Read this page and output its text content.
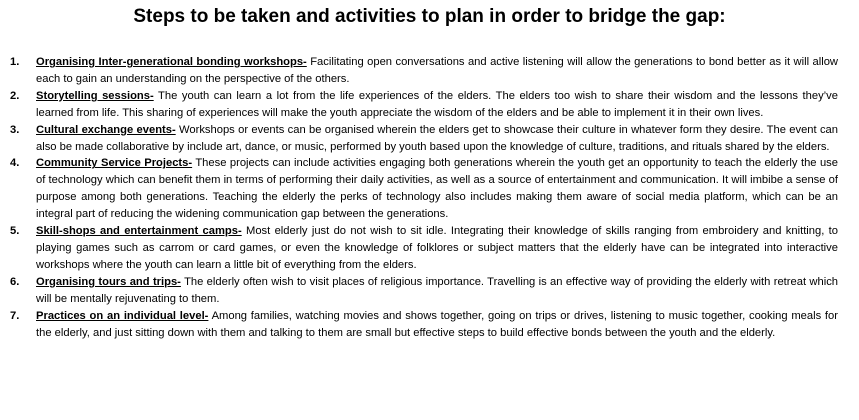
Steps to be taken and activities to plan in order to bridge the gap:
1. Organising Inter-generational bonding workshops- Facilitating open conversations and active listening will allow the generations to bond better as it will allow each to gain an understanding on the perspective of the others.
2. Storytelling sessions- The youth can learn a lot from the life experiences of the elders. The elders too wish to share their wisdom and the lessons they’ve learned from life. This sharing of experiences will make the youth appreciate the wisdom of the elders and be able to implement it in their own lives.
3. Cultural exchange events- Workshops or events can be organised wherein the elders get to showcase their culture in whatever form they desire. The event can also be made collaborative by include art, dance, or music, performed by youth based upon the knowledge of culture, traditions, and rituals shared by the elders.
4. Community Service Projects- These projects can include activities engaging both generations wherein the youth get an opportunity to teach the elderly the use of technology which can benefit them in terms of performing their daily activities, as well as a source of entertainment and communication. It will imbibe a sense of purpose among both generations. Teaching the elderly the perks of technology also includes making them aware of social media platform, which can be an integral part of reducing the widening communication gap between the generations.
5. Skill-shops and entertainment camps- Most elderly just do not wish to sit idle. Integrating their knowledge of skills ranging from embroidery and knitting, to playing games such as carrom or card games, or even the knowledge of folklores or subject matters that the elderly have can be integrated into interactive workshops where the youth can learn a little bit of everything from the elders.
6. Organising tours and trips- The elderly often wish to visit places of religious importance. Travelling is an effective way of providing the elderly with retreat which will be mentally rejuvenating to them.
7. Practices on an individual level- Among families, watching movies and shows together, going on trips or drives, listening to music together, cooking meals for the elderly, and just sitting down with them and talking to them are small but effective steps to build effective bonds between the youth and the elderly.
